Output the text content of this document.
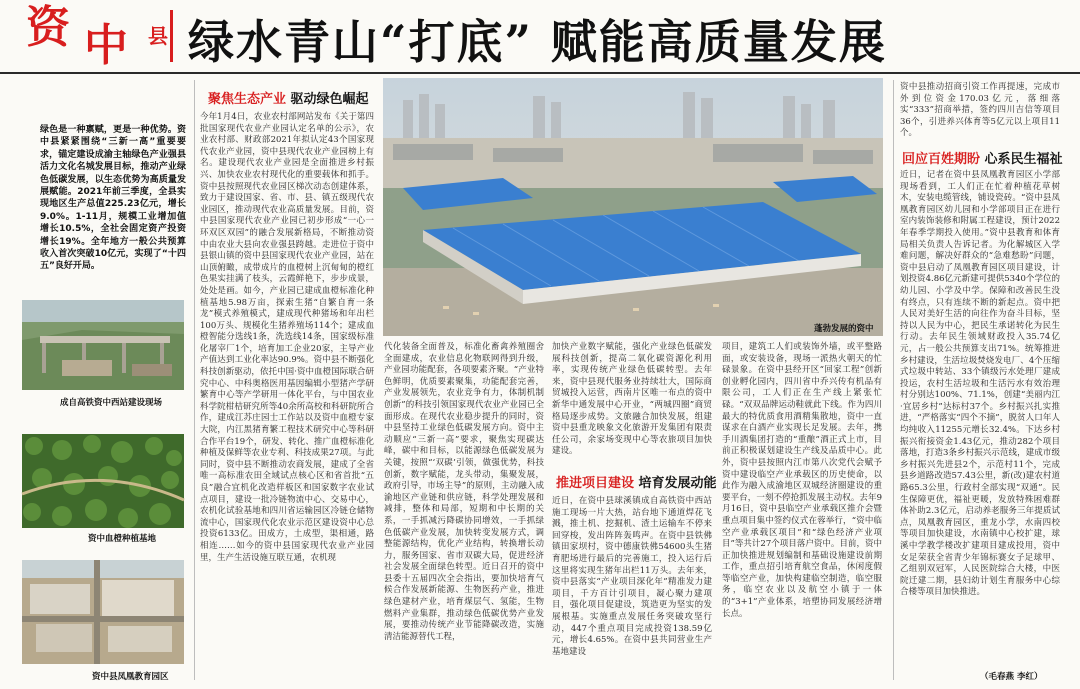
资 中 县 绿水青山“打底” 赋能高质量发展
绿色是一种禀赋，更是一种优势。资中县紧紧围绕“三新一高”重要要求，锚定建设成渝主轴绿色产业强县活力文化名城发展目标，推动产业绿色低碳发展，以生态优势为高质量发展赋能。2021年前三季度，全县实现地区生产总值225.23亿元，增长9.0%。1-11月，规模工业增加值增长10.5%，全社会固定资产投资增长19%。全年地方一般公共预算收入首次突破10亿元，实现了“十四五”良好开局。
成自高铁资中西站建设现场
资中血橙种植基地
资中县凤凰教育园区
聚焦生态产业 驱动绿色崛起
今年1月4日，农业农村部网站发布《关于第四批国家现代农业产业园认定名单的公示》，农业农村部、财政部2021年拟认定43个国家现代农业产业园，资中县现代农业产业园榜上有名。建设现代农业产业园是全面推进乡村振兴、加快农业农村现代化的重要载体和抓手。资中县按照现代农业园区梯次动态创建体系，致力于建设国家、省、市、县、镇五级现代农业园区，推动现代农业高质量发展。目前，资中县国家现代农业产业园已初步形成“一心一环双区双园”的融合发展新格局，不断推动资中由农业大县向农业强县跨越。走进位于资中县银山镇的资中县国家现代农业产业园，站在山顶俯瞰，成带成片的血橙树上沉甸甸的橙红色果实挂满了枝头，云霞鲜艳下，步步成景，处处是画。如今，产业园已建成血橙标准化种植基地5.98万亩，探索生猪“自繁自育一条龙”模式养殖模式，建成现代种猪场和年出栏100万头、规模化生猪养殖场114个；建成血橙智能分选线1条，洗选线14条，国家级标准化屠宰厂1个，培育加工企业20家，主导产业产值达到工业化率达90.9%。资中县不断强化科技创新驱动，依托中国·资中血橙国际联合研究中心、中科奥格医用基因编辑小型猪产学研繁育中心等产学研用一体化平台，与中国农业科学院柑桔研究所等40余所高校和科研院所合作，建成江苏庄园士工作站以及资中血橙专家大院，内江黑猪育繁工程技术研究中心等科研合作平台19个，研发、转化、推广血橙标准化种植及保鲜等农业专利、科技成果27项。与此同时，资中县不断推动农商发展，建成了全省唯一高标准农田全域试点核心区和省首批“五良”融合宜机化改造样板区和国家数字农业试点项目，建设一批冷链物流中心、交易中心，农机化试验基地和四川省运输园区冷链仓储物流中心，国家现代化农业示范区建设资中心总投资6133亿。田成方，土成型，渠相通，路相连……如今的资中县国家现代农业产业园里，生产生活设施互联互通，农机现
蓬勃发展的资中
代化装备全面普及，标准化畜禽养殖圈舍全面建成，农业信息化物联网得到升级，产业园功能配套，各项要素齐聚。“产业特色鲜明，优质要素聚集，功能配套完善，产业发展领先，农业竞争有力，体制机制创新”的科技引领国家现代农业产业园已全面形成。在现代农业稳步提升的同时，资中县坚持工业绿色低碳发展方向。资中主动顺应“三新一高”要求，聚焦实现碳达峰，碳中和目标，以能源绿色低碳发展为关键，按照“‘双碳’引领，做强优势，科技创新，数字赋能，龙头带动，集聚发展，政府引导，市场主导”的原则，主动融入成渝地区产业链和供应链，科学处理发展和减排，整体和局部，短期和中长期的关系，一手抓减污降碳协同增效，一手抓绿色低碳产业发展，加快转变发展方式，调整能源结构，优化产业结构，转换增长动力，服务国家、省市双碳大局，促进经济社会发展全面绿色转型。近日召开的资中县委十五届四次全会指出，要加快培育气候合作发展新能源、生物医药产业，推进绿色建材产业，培育煤层气、氢能，生物燃料产业集群，推动绿色低碳优势产业发展，要推动传统产业节能降碳改造，实施清洁能源替代工程，
加快产业数字赋能，强化产业绿色低碳发展科技创新，提高二氧化碳资源化利用率，实现传统产业绿色低碳转型。去年来，资中县现代服务业持续壮大，国际商贸城投入运营，西南片区唯一布点的资中新华中通发展中心开业，“两城四圈”商贸格局逐步成势。文旅融合加快发展，组建资中县重龙映象文化旅游开发集团有限责任公司，余家场变现中心等农旅项目加快建设。
推进项目建设 培育发展动能
近日，在资中县球溪镇成自高铁资中西站施工现场一片大热，站台地下通道焊花飞溅，推土机、挖掘机、渣土运输车不停来回穿梭，发出阵阵轰鸣声。在资中县铁佛镇田家坝村，资中德康铁佛54600头生猪育肥场进行最后的完善施工，投入运行后这里将实现生猪年出栏11万头。去年来，资中县落实“产业项目深化年”精准发力建项目，千方百计引项目，凝心聚力建项目，强化项目促建设，筑造更为坚实的发展根基。实施重点发展任务突破攻坚行动，447个重点项目完成投资138.59亿元，增长4.65%。在资中县共同营业生产基地建设
项目，建筑工人们或装饰外墙，或平整路面，或安装设备，现场一派热火朝天的忙碌景象。在资中县经开区“回家工程”创新创业孵化园内，四川省中乔兴传有机品有限公司，工人们正在生产线上紧张忙碌。“双双品牌运动鞋就此下线。作为四川最大的特优质食用酒精集散地，资中一直谋求在白酒产业实现长足发展。去年，携手川酒集团打造的“重酿”酒正式上市，目前正积极谋划建设生产线及品质中心。此外，资中县按照内江市第八次党代会赋予资中建设临空产业承载区的历史使命，以此作为融入成渝地区双城经济圈建设的重要平台，一刻不停抢抓发展主动权。去年9月16日，资中县临空产业承载区推介会暨重点项目集中签约仪式在蓉举行，“资中临空产业承载区项目”和“绿色经济产业项目”等共计27个项目落户资中。目前，资中正加快推进规划编制和基础设施建设前期工作，重点招引培育航空食品，休闲度假等临空产业，加快构建临空制造，临空服务，临空农业以及航空小镇于一体的“3+1”产业体系，培塑协同发展经济增长点。
资中县推动招商引资工作再提速，完成市外到位资金170.03亿元，落细落实“333”招商举措，签约四川吉信等项目36个，引进养兴体育等5亿元以上项目11个。
回应百姓期盼 心系民生福祉
近日，记者在资中县凤凰教育园区小学部现场看到，工人们正在忙着种植花草树木，安装电缆管线，铺设瓷砖。“资中县凤凰教育园区幼儿园和小学部项目正在进行室内装饰装修和附属工程建设，预计2022年春季学期投入使用。”资中县教育和体育局相关负责人告诉记者。为化解城区入学难问题，解决好群众的“急难愁盼”问题，资中县启动了凤凰教育园区项目建设，计划投资4.86亿元新建可提供5340个学位的幼儿园、小学及中学。保障和改善民生没有终点，只有连续不断的新起点。资中把人民对美好生活的向往作为奋斗目标，坚持以人民为中心，把民生承诺转化为民生行动。去年民生领域财政投入35.74亿元，占一般公共预算支出71%。统筹推进乡村建设，生活垃圾焚烧发电厂、4个压缩式垃圾中转站、33个镇级污水处理厂建成投运，农村生活垃圾和生活污水有效治理村分别达100%、71.1%，创建“美丽内江·宜居乡村”达标村37个。乡村振兴扎实推进，“严格落实“四个不摘”，脱贫人口年人均纯收入11255元增长32.4%。下达乡村振兴衔接资金1.43亿元，推动282个项目落地，打造3条乡村振兴示范线，建成市级乡村振兴先进县2个，示范村11个，完成县乡道路改造57.43公里，新(改)建农村道路65.3公里，行政村全部实现“双通”。民生保障更优，福祉更暖，发放特殊困难群体补助2.3亿元，启动养老服务三年提质试点，凤凰教育园区，重龙小学，水南四校等项目加快建设，水南镇中心校扩建，球溪中学教学楼改扩建项目建成投用，资中女足荣获全省青少年锦标赛女子足球甲、乙组别双冠军，人民医院综合大楼，中医院迁建二期，县妇幼计划生育服务中心综合楼等项目加快推进。
（毛春燕 李红）
